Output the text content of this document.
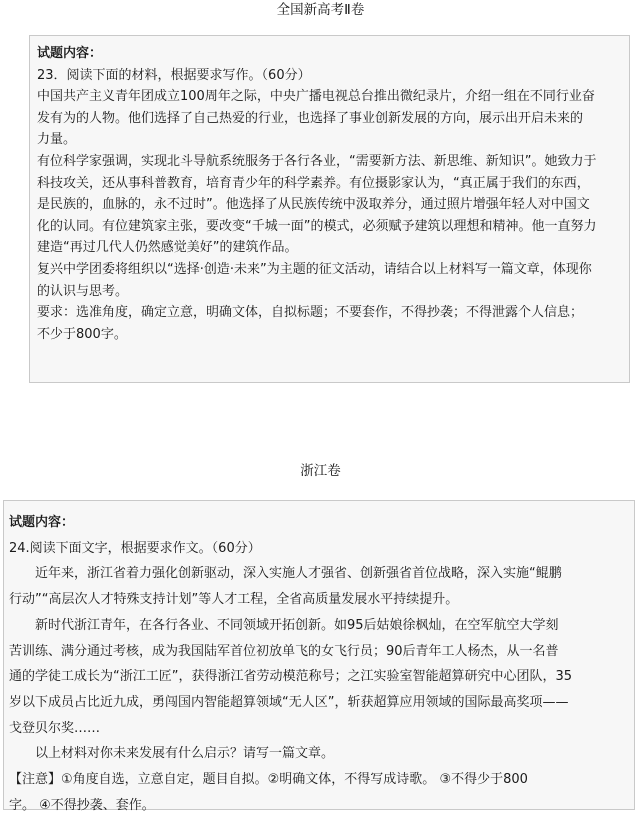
全国新高考Ⅱ卷

试题内容：

23．阅读下面的材料，根据要求写作。（60分）

中国共产主义青年团成立100周年之际，中央广播电视总台推出微纪录片，介绍一组在不同行业奋

发有为的人物。他们选择了自己热爱的行业，也选择了事业创新发展的方向，展示出开启未来的

力量。

有位科学家强调，实现北斗导航系统服务于各行各业，“需要新方法、新思维、新知识”。她致力于

科技攻关，还从事科普教育，培育青少年的科学素养。有位摄影家认为，“真正属于我们的东西，

是民族的，血脉的，永不过时”。他选择了从民族传统中汲取养分，通过照片增强年轻人对中国文

化的认同。有位建筑家主张，要改变“千城一面”的模式，必须赋予建筑以理想和精神。他一直努力

建造“再过几代人仍然感觉美好”的建筑作品。

复兴中学团委将组织以“选择·创造·未来”为主题的征文活动，请结合以上材料写一篇文章，体现你

的认识与思考。

要求：选准角度，确定立意，明确文体，自拟标题；不要套作，不得抄袭；不得泄露个人信息；

不少于800字。

浙江卷

试题内容：

24.阅读下面文字，根据要求作文。（60分）

近年来，浙江省着力强化创新驱动，深入实施人才强省、创新强省首位战略，深入实施“鲲鹏

行动”“高层次人才特殊支持计划”等人才工程，全省高质量发展水平持续提升。

新时代浙江青年，在各行各业、不同领域开拓创新。如95后姑娘徐枫灿，在空军航空大学刻

苦训练、满分通过考核，成为我国陆军首位初放单飞的女飞行员；90后青年工人杨杰，从一名普

通的学徒工成长为“浙江工匠”，获得浙江省劳动模范称号；之江实验室智能超算研究中心团队，35

岁以下成员占比近九成，勇闯国内智能超算领域“无人区”，斩获超算应用领域的国际最高奖项——

戈登贝尔奖……

以上材料对你未来发展有什么启示？请写一篇文章。

【注意】①角度自选，立意自定，题目自拟。②明确文体，不得写成诗歌。 ③不得少于800

字。 ④不得抄袭、套作。
